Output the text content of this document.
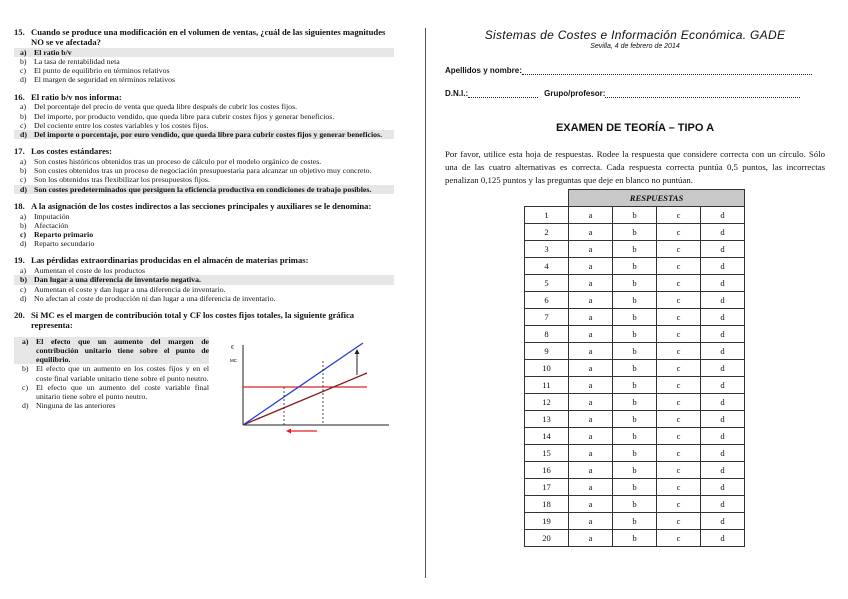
15. Cuando se produce una modificación en el volumen de ventas, ¿cuál de las siguientes magnitudes NO se ve afectada?
a) El ratio b/v
b) La tasa de rentabilidad neta
c)	El punto de equilibrio en términos relativos
d) El margen de seguridad en términos relativos
16. El ratio b/v nos informa:
a)	Del porcentaje del precio de venta que queda libre después de cubrir los costes fijos.
b) Del importe, por producto vendido, que queda libre para cubrir costes fijos y generar beneficios.
c)	Del cociente entre los costes variables y los costes fijos.
d) Del importe o porcentaje, por euro vendido, que queda libre para cubrir costes fijos y generar beneficios.
17. Los costes estándares:
a)	Son costes históricos obtenidos tras un proceso de cálculo por el modelo orgánico de costes.
b) Son costes obtenidos tras un proceso de negociación presupuestaria para alcanzar un objetivo muy concreto.
c)	Son los obtenidos tras flexibilizar los presupuestos fijos.
d) Son costes predeterminados que persiguen la eficiencia productiva en condiciones de trabajo posibles.
18. A la asignación de los costes indirectos a las secciones principales y auxiliares se le denomina:
a)	Imputación
b) Afectación
c)	Reparto primario
d) Reparto secundario
19. Las pérdidas extraordinarias producidas en el almacén de materias primas:
a)	Aumentan el coste de los productos
b) Dan lugar a una diferencia de inventario negativa.
c)	Aumentan el coste y dan lugar a una diferencia de inventario.
d) No afectan al coste de producción ni dan lugar a una diferencia de inventario.
20. Si MC es el margen de contribución total y CF los costes fijos totales, la siguiente gráfica representa:
a) El efecto que un aumento del margen de contribución unitario tiene sobre el punto de equilibrio.
b) El efecto que un aumento en los costes fijos y en el coste final variable unitario tiene sobre el punto neutro.
c)	El efecto que un aumento del coste variable final unitario tiene sobre el punto neutro.
d) Ninguna de las anteriores
€
MC
Sistemas de Costes e Información Económica. GADE
Sevilla, 4 de febrero de 2014
Apellidos y nombre:
D.N.I.:	Grupo/profesor:
EXAMEN DE TEORÍA – TIPO A
Por favor, utilice esta hoja de respuestas. Rodee la respuesta que considere correcta con un círculo. Sólo una de las cuatro alternativas es correcta. Cada respuesta correcta puntúa 0,5 puntos, las incorrectas penalizan 0,125 puntos y las preguntas que deje en blanco no puntúan.
	RESPUESTAS			
1	a	b	c	d
2	a	b	c	d
3	a	b	c	d
4	a	b	c	d
5	a	b	c	d
6	a	b	c	d
7	a	b	c	d
8	a	b	c	d
9	a	b	c	d
10	a	b	c	d
11	a	b	c	d
12	a	b	c	d
13	a	b	c	d
14	a	b	c	d
15	a	b	c	d
16	a	b	c	d
17	a	b	c	d
18	a	b	c	d
19	a	b	c	d
20	a	b	c	d
